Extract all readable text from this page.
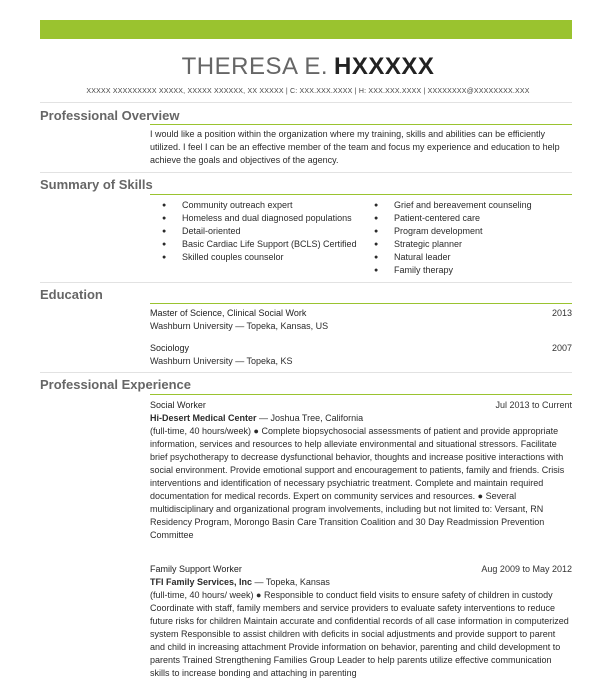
THERESA E. HXXXXX
XXXXX XXXXXXXXX XXXXX, XXXXX XXXXXX, XX XXXXX | C: XXX.XXX.XXXX | H: XXX.XXX.XXXX | XXXXXXXX@XXXXXXXX.XXX
Professional Overview
I would like a position within the organization where my training, skills and abilities can be efficiently utilized. I feel I can be an effective member of the team and focus my experience and education to help achieve the goals and objectives of the agency.
Summary of Skills
● Community outreach expert
● Homeless and dual diagnosed populations
● Detail-oriented
● Basic Cardiac Life Support (BCLS) Certified
● Skilled couples counselor
● Grief and bereavement counseling
● Patient-centered care
● Program development
● Strategic planner
● Natural leader
● Family therapy
Education
Master of Science, Clinical Social Work	2013
Washburn University — Topeka, Kansas, US
Sociology	2007
Washburn University — Topeka, KS
Professional Experience
Social Worker	Jul 2013 to Current
Hi-Desert Medical Center — Joshua Tree, California
(full-time, 40 hours/week) ● Complete biopsychosocial assessments of patient and provide appropriate information, services and resources to help alleviate environmental and situational stressors. Facilitate brief psychotherapy to decrease dysfunctional behavior, thoughts and increase positive interactions with social environment. Provide emotional support and encouragement to patients, family and friends. Crisis interventions and identification of necessary psychiatric treatment. Complete and maintain required documentation for medical records. Expert on community services and resources. ● Several multidisciplinary and organizational program involvements, including but not limited to: Versant, RN Residency Program, Morongo Basin Care Transition Coalition and 30 Day Readmission Prevention Committee
Family Support Worker	Aug 2009 to May 2012
TFI Family Services, Inc — Topeka, Kansas
(full-time, 40 hours/ week) ● Responsible to conduct field visits to ensure safety of children in custody Coordinate with staff, family members and service providers to evaluate safety interventions to reduce future risks for children Maintain accurate and confidential records of all case information in computerized system Responsible to assist children with deficits in social adjustments and provide support to parent and child in increasing attachment Provide information on behavior, parenting and child development to parents Trained Strengthening Families Group Leader to help parents utilize effective communication skills to increase bonding and attaching in parenting
